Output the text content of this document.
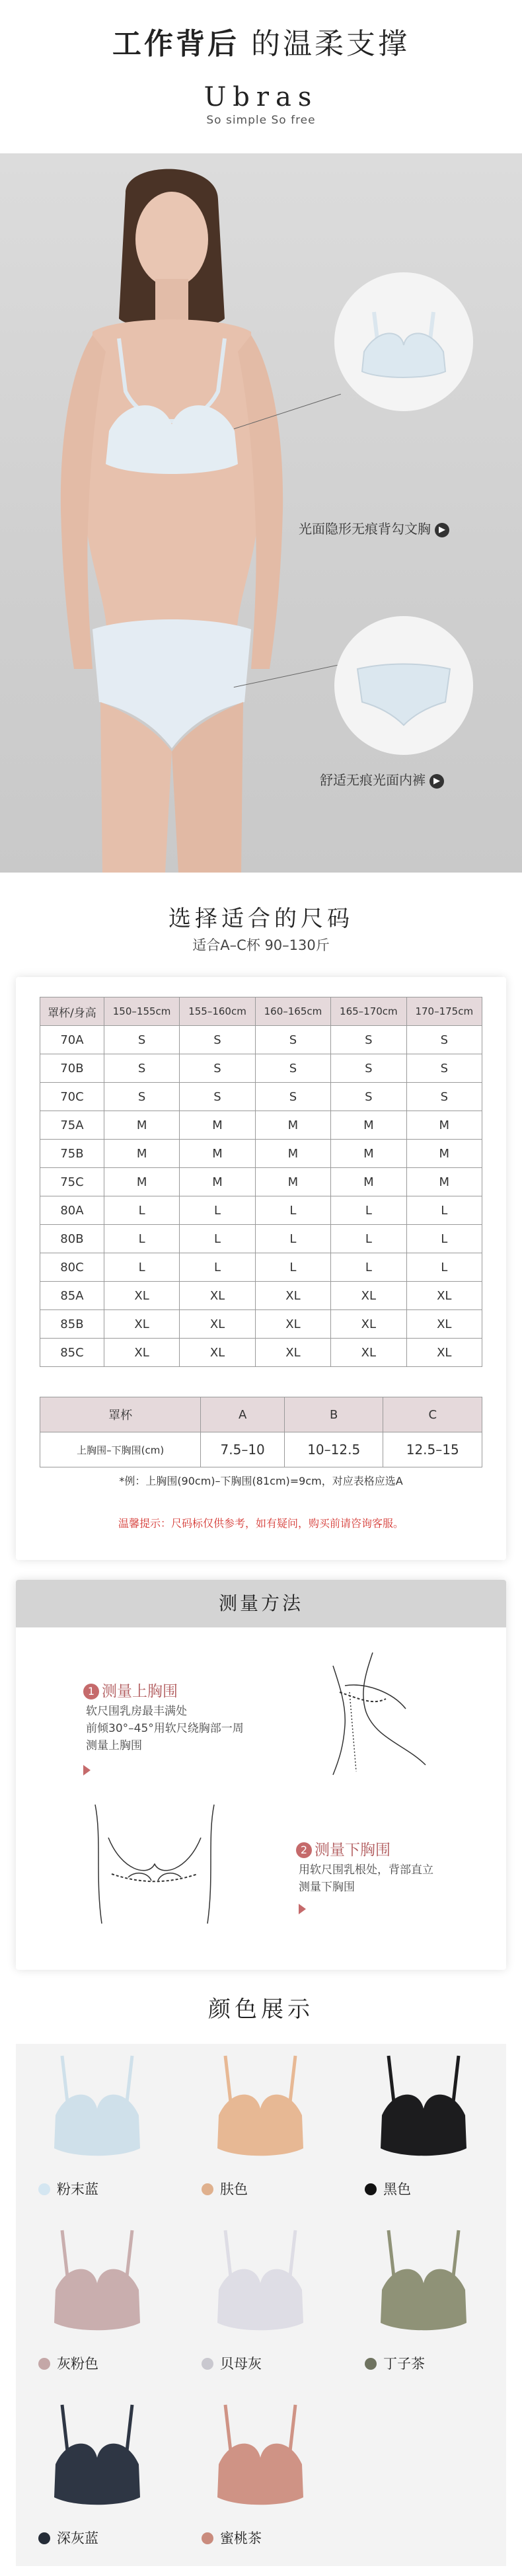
工作背后 的温柔支撑
Ubras
So simple So free
光面隐形无痕背勾文胸 ▶
舒适无痕光面内裤 ▶
选择适合的尺码
适合A–C杯 90–130斤
罩杯/身高	150–155cm	155–160cm	160–165cm	165–170cm	170–175cm
70A	S	S	S	S	S
70B	S	S	S	S	S
70C	S	S	S	S	S
75A	M	M	M	M	M
75B	M	M	M	M	M
75C	M	M	M	M	M
80A	L	L	L	L	L
80B	L	L	L	L	L
80C	L	L	L	L	L
85A	XL	XL	XL	XL	XL
85B	XL	XL	XL	XL	XL
85C	XL	XL	XL	XL	XL
罩杯	A	B	C
上胸围–下胸围(cm)	7.5–10	10–12.5	12.5–15
*例：上胸围(90cm)–下胸围(81cm)=9cm，对应表格应选A
温馨提示：尺码标仅供参考，如有疑问，购买前请咨询客服。
测量方法
1 测量上胸围
软尺围乳房最丰满处
前倾30°–45°用软尺绕胸部一周
测量上胸围
2 测量下胸围
用软尺围乳根处，背部直立
测量下胸围
颜色展示
粉末蓝	肤色	黑色
灰粉色	贝母灰	丁子茶
深灰蓝	蜜桃茶
